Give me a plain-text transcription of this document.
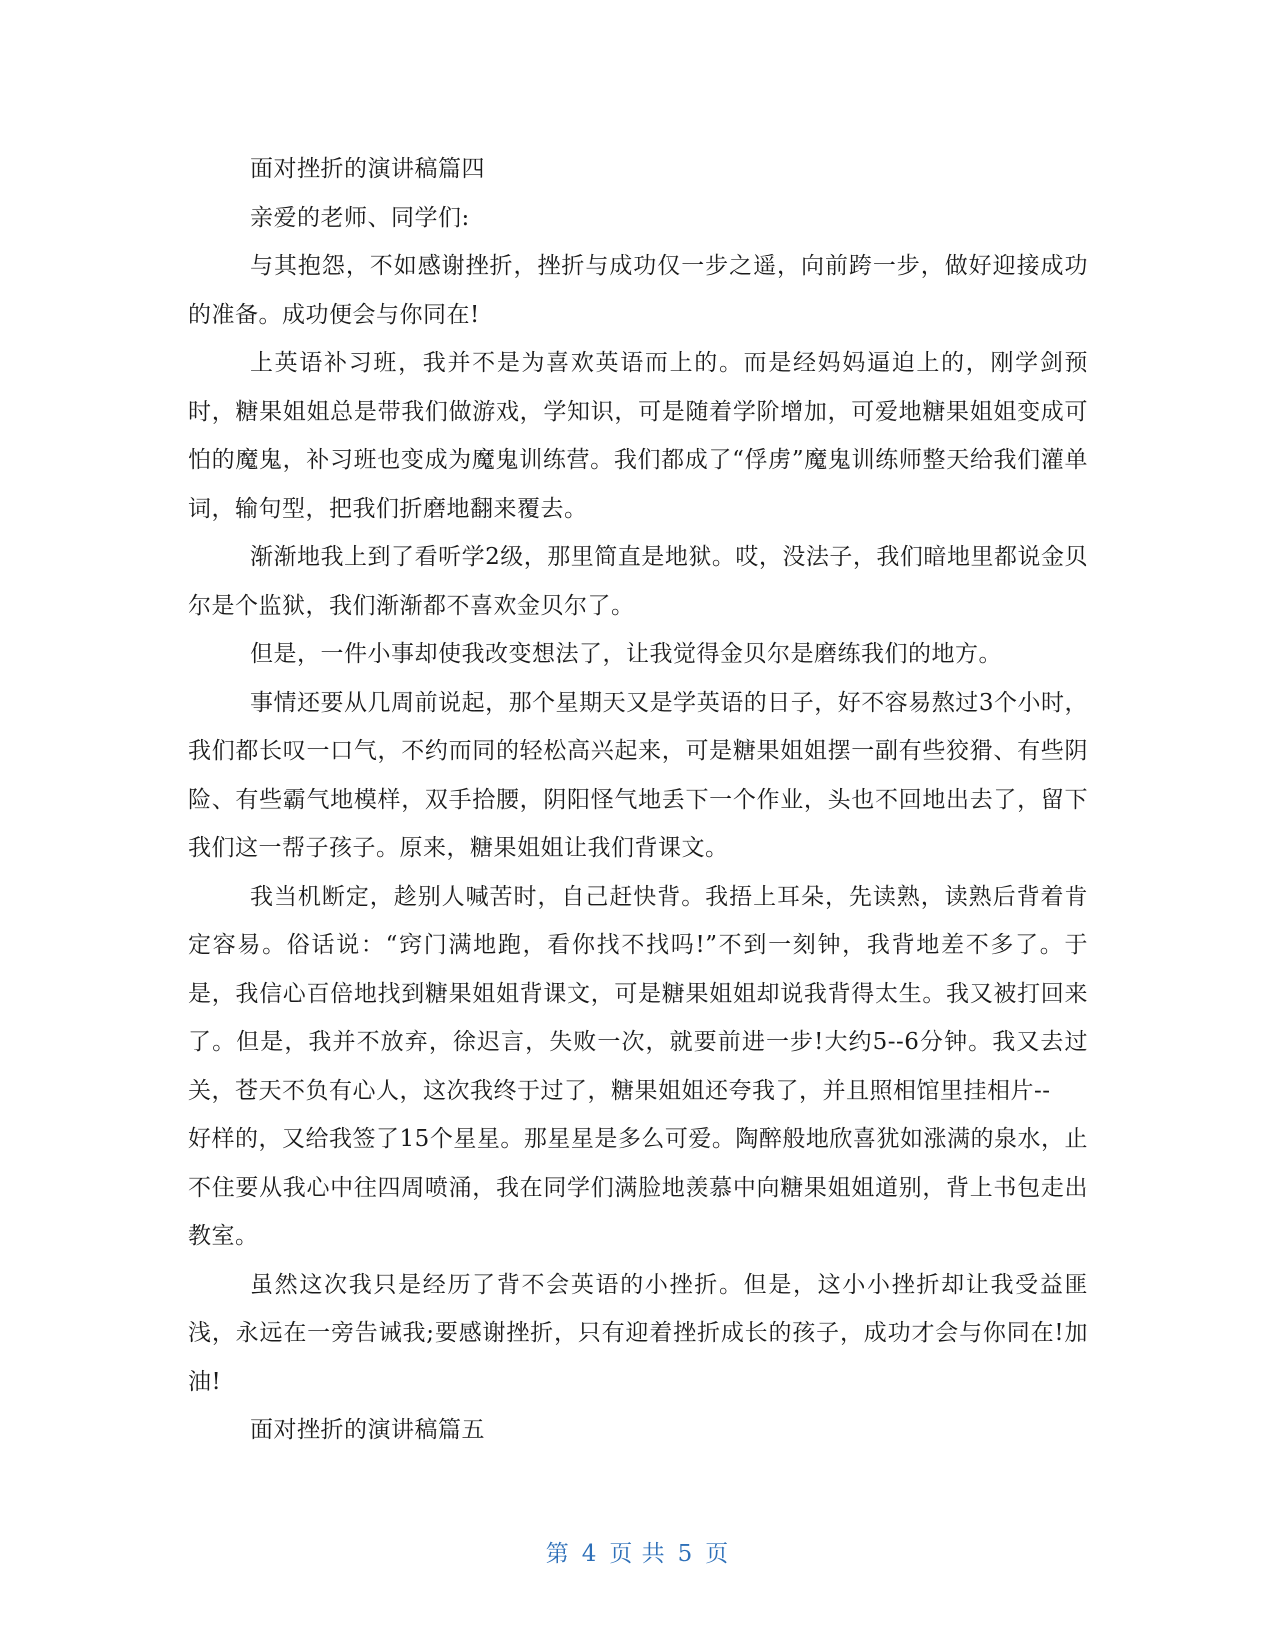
面对挫折的演讲稿篇四

亲爱的老师、同学们:

与其抱怨，不如感谢挫折，挫折与成功仅一步之遥，向前跨一步，做好迎接成功的准备。成功便会与你同在!

上英语补习班，我并不是为喜欢英语而上的。而是经妈妈逼迫上的，刚学剑预时，糖果姐姐总是带我们做游戏，学知识，可是随着学阶增加，可爱地糖果姐姐变成可怕的魔鬼，补习班也变成为魔鬼训练营。我们都成了“俘虏”魔鬼训练师整天给我们灌单词，输句型，把我们折磨地翻来覆去。

渐渐地我上到了看听学2级，那里简直是地狱。哎，没法子，我们暗地里都说金贝尔是个监狱，我们渐渐都不喜欢金贝尔了。

但是，一件小事却使我改变想法了，让我觉得金贝尔是磨练我们的地方。

事情还要从几周前说起，那个星期天又是学英语的日子，好不容易熬过3个小时，我们都长叹一口气，不约而同的轻松高兴起来，可是糖果姐姐摆一副有些狡猾、有些阴险、有些霸气地模样，双手拾腰，阴阳怪气地丢下一个作业，头也不回地出去了，留下我们这一帮子孩子。原来，糖果姐姐让我们背课文。

我当机断定，趁别人喊苦时，自己赶快背。我捂上耳朵，先读熟，读熟后背着肯定容易。俗话说：“窍门满地跑，看你找不找吗!”不到一刻钟，我背地差不多了。于是，我信心百倍地找到糖果姐姐背课文，可是糖果姐姐却说我背得太生。我又被打回来了。但是，我并不放弃，徐迟言，失败一次，就要前进一步!大约5--6分钟。我又去过关，苍天不负有心人，这次我终于过了，糖果姐姐还夸我了，并且照相馆里挂相片--

好样的，又给我签了15个星星。那星星是多么可爱。陶醉般地欣喜犹如涨满的泉水，止不住要从我心中往四周喷涌，我在同学们满脸地羡慕中向糖果姐姐道别，背上书包走出教室。

虽然这次我只是经历了背不会英语的小挫折。但是，这小小挫折却让我受益匪浅，永远在一旁告诫我;要感谢挫折，只有迎着挫折成长的孩子，成功才会与你同在!加油!

面对挫折的演讲稿篇五

第 4 页 共 5 页
